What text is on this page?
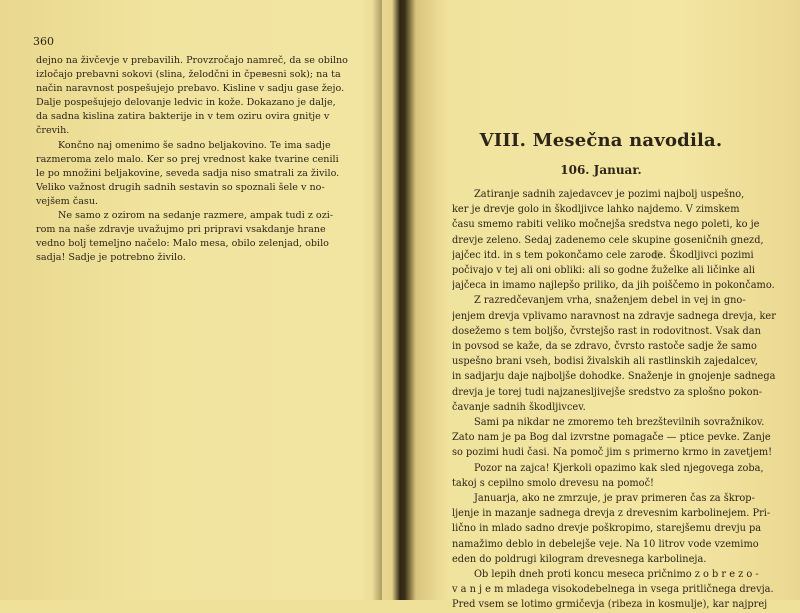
360
dejno na živčevje v prebavilih. Provzročajo namreč, da se obilno
izločajo prebavni sokovi (slina, želodčni in čревesni sok); na ta
način naravnost pospešujejo prebavo. Kisline v sadju gase žejo.
Dalje pospešujejo delovanje ledvic in kože. Dokazano je dalje,
da sadna kislina zatira bakterije in v tem oziru ovira gnitje v
črevih.
Končno naj omenimo še sadno beljakovino. Te ima sadje
razmeroma zelo malo. Ker so prej vrednost kake tvarine cenili
le po množini beljakovine, seveda sadja niso smatrali za živilo.
Veliko važnost drugih sadnih sestavin so spoznali šele v no-
vejšem času.
Ne samo z ozirom na sedanje razmere, ampak tudi z ozi-
rom na naše zdravje uvažujmo pri pripravi vsakdanje hrane
vedno bolj temeljno načelo: Malo mesa, obilo zelenjad, obilo
sadja! Sadje je potrebno živilo.
VIII. Mesečna navodila.
106. Januar.
Zatiranje sadnih zajedavcev je pozimi najbolj uspešno,
ker je drevje golo in škodljivce lahko najdemo. V zimskem
času smemo rabiti veliko močnejša sredstva nego poleti, ko je
drevje zeleno. Sedaj zadenemo cele skupine goseničnih gnezd,
jajčec itd. in s tem pokončamo cele zarode. Škodljivci pozimi
počivajo v tej ali oni obliki: ali so godne žuželke ali ličinke ali
jajčeca in imamo najlepšo priliko, da jih poiščemo in pokončamo.
Z razredčevanjem vrha, snaženjem debel in vej in gno-
jenjem drevja vplivamo naravnost na zdravje sadnega drevja, ker
dosežemo s tem boljšo, čvrstejšo rast in rodovitnost. Vsak dan
in povsod se kaže, da se zdravo, čvrsto rastoče sadje že samo
uspešno brani vseh, bodisi živalskih ali rastlinskih zajedalcev,
in sadjarju daje najboljše dohodke. Snaženje in gnojenje sadnega
drevja je torej tudi najzanesljivejše sredstvo za splošno pokon-
čavanje sadnih škodljivcev.
Sami pa nikdar ne zmoremo teh brezštevilnih sovražnikov.
Zato nam je pa Bog dal izvrstne pomagače — ptice pevke. Zanje
so pozimi hudi časi. Na pomoč jim s primerno krmo in zavetjem!
Pozor na zajca! Kjerkoli opazimo kak sled njegovega zoba,
takoj s cepilno smolo drevesu na pomoč!
Januarja, ako ne zmrzuje, je prav primeren čas za škrop-
ljenje in mazanje sadnega drevja z drevesnim karbolinejem. Pri-
lično in mlado sadno drevje poškropimo, starejšemu drevju pa
namažimo deblo in debelejše veje. Na 10 litrov vode vzemimo
eden do poldrugi kilogram drevesnega karbolineja.
Ob lepih dneh proti koncu meseca pričnimo z o b r e z o -
v a n j e m mladega visokodebelnega in vsega pritličnega drevja.
Pred vsem se lotimo grmičevja (ribeza in kosmulje), kar najprej
